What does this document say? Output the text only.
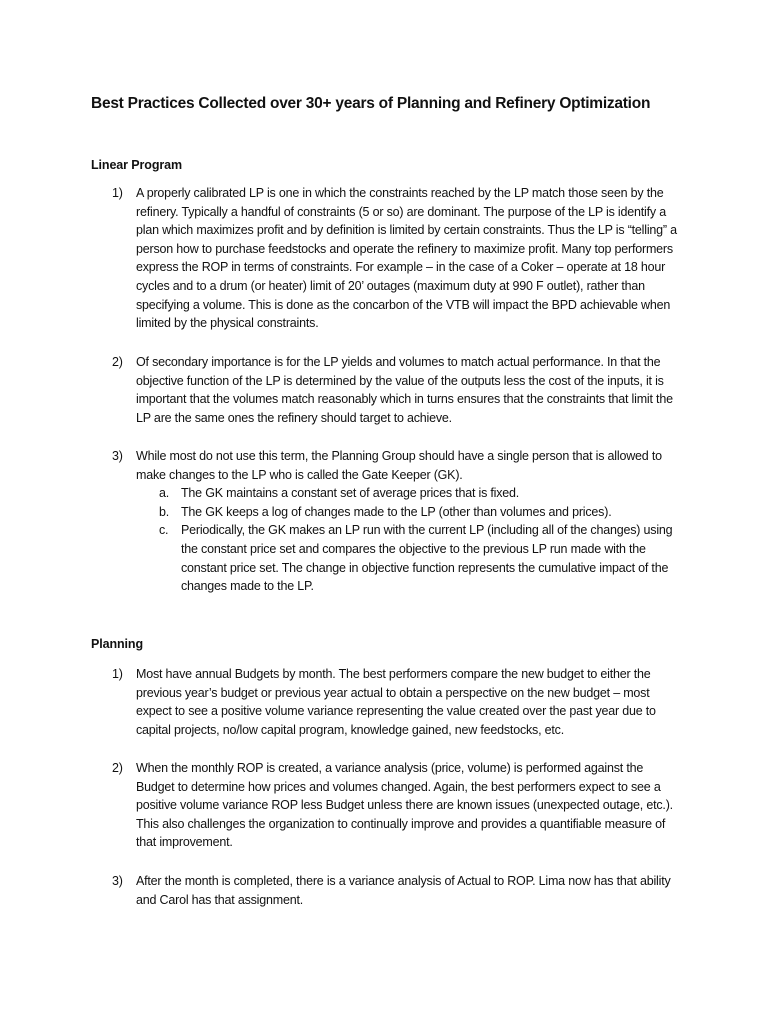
Best Practices Collected over 30+ years of Planning and Refinery Optimization
Linear Program
1) A properly calibrated LP is one in which the constraints reached by the LP match those seen by the refinery. Typically a handful of constraints (5 or so) are dominant. The purpose of the LP is identify a plan which maximizes profit and by definition is limited by certain constraints. Thus the LP is “telling” a person how to purchase feedstocks and operate the refinery to maximize profit. Many top performers express the ROP in terms of constraints. For example – in the case of a Coker – operate at 18 hour cycles and to a drum (or heater) limit of 20’ outages (maximum duty at 990 F outlet), rather than specifying a volume. This is done as the concarbon of the VTB will impact the BPD achievable when limited by the physical constraints.
2) Of secondary importance is for the LP yields and volumes to match actual performance. In that the objective function of the LP is determined by the value of the outputs less the cost of the inputs, it is important that the volumes match reasonably which in turns ensures that the constraints that limit the LP are the same ones the refinery should target to achieve.
3) While most do not use this term, the Planning Group should have a single person that is allowed to make changes to the LP who is called the Gate Keeper (GK).
a. The GK maintains a constant set of average prices that is fixed.
b. The GK keeps a log of changes made to the LP (other than volumes and prices).
c. Periodically, the GK makes an LP run with the current LP (including all of the changes) using the constant price set and compares the objective to the previous LP run made with the constant price set. The change in objective function represents the cumulative impact of the changes made to the LP.
Planning
1) Most have annual Budgets by month. The best performers compare the new budget to either the previous year’s budget or previous year actual to obtain a perspective on the new budget – most expect to see a positive volume variance representing the value created over the past year due to capital projects, no/low capital program, knowledge gained, new feedstocks, etc.
2) When the monthly ROP is created, a variance analysis (price, volume) is performed against the Budget to determine how prices and volumes changed. Again, the best performers expect to see a positive volume variance ROP less Budget unless there are known issues (unexpected outage, etc.). This also challenges the organization to continually improve and provides a quantifiable measure of that improvement.
3) After the month is completed, there is a variance analysis of Actual to ROP. Lima now has that ability and Carol has that assignment.
